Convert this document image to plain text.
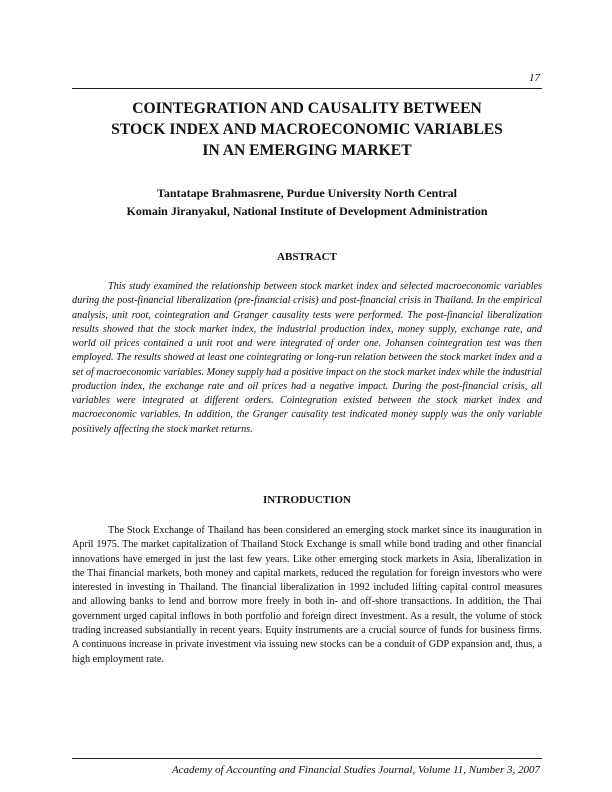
17
COINTEGRATION AND CAUSALITY BETWEEN
STOCK INDEX AND MACROECONOMIC VARIABLES
IN AN EMERGING MARKET
Tantatape Brahmasrene, Purdue University North Central
Komain Jiranyakul, National Institute of Development Administration
ABSTRACT

This study examined the relationship between stock market index and selected macroeconomic variables during the post-financial liberalization (pre-financial crisis) and post-financial crisis in Thailand. In the empirical analysis, unit root, cointegration and Granger causality tests were performed. The post-financial liberalization results showed that the stock market index, the industrial production index, money supply, exchange rate, and world oil prices contained a unit root and were integrated of order one. Johansen cointegration test was then employed. The results showed at least one cointegrating or long-run relation between the stock market index and a set of macroeconomic variables. Money supply had a positive impact on the stock market index while the industrial production index, the exchange rate and oil prices had a negative impact. During the post-financial crisis, all variables were integrated at different orders. Cointegration existed between the stock market index and macroeconomic variables. In addition, the Granger causality test indicated money supply was the only variable positively affecting the stock market returns.

INTRODUCTION

The Stock Exchange of Thailand has been considered an emerging stock market since its inauguration in April 1975. The market capitalization of Thailand Stock Exchange is small while bond trading and other financial innovations have emerged in just the last few years. Like other emerging stock markets in Asia, liberalization in the Thai financial markets, both money and capital markets, reduced the regulation for foreign investors who were interested in investing in Thailand. The financial liberalization in 1992 included lifting capital control measures and allowing banks to lend and borrow more freely in both in- and off-shore transactions. In addition, the Thai government urged capital inflows in both portfolio and foreign direct investment. As a result, the volume of stock trading increased substantially in recent years. Equity instruments are a crucial source of funds for business firms. A continuous increase in private investment via issuing new stocks can be a conduit of GDP expansion and, thus, a high employment rate.

Academy of Accounting and Financial Studies Journal, Volume 11, Number 3, 2007
